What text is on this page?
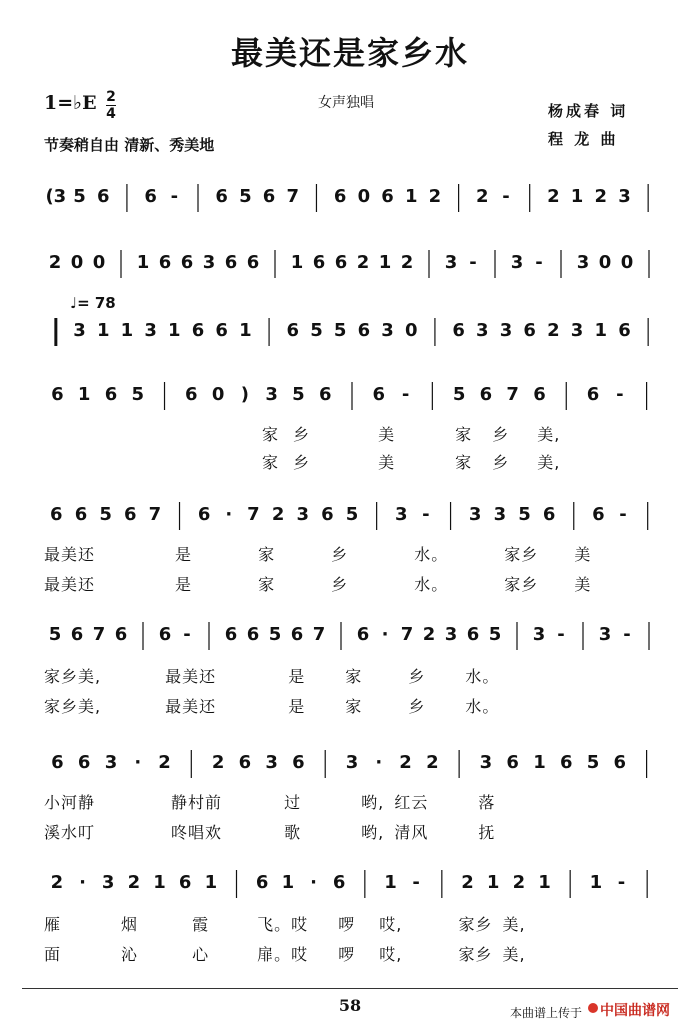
最美还是家乡水
1=♭E 2
4
女声独唱	杨成春 词
程 龙 曲
节奏稍自由 清新、秀美地
♩= 78
(3 5 6 6 - 6 5 6 7 6 0 6 1 2 2 - 2 1 2 3
2 0 0 1 6 6 3 6 6 1 6 6 2 1 2 3 - 3 - 3 0 0
3 1 1 3 1 6 6 1 6 5 5 6 3 0 6 3 3 6 2 3 1 6
6 1 6 5 6 0 ) 3 5 6 6 - 5 6 7 6 6 -
6 6 5 6 7 6 · 7 2 3 6 5 3 - 3 3 5 6 6 -
5 6 7 6 6 - 6 6 5 6 7 6 · 7 2 3 6 5 3 - 3 -
6 6 3 · 2 2 6 3 6 3 · 2 2 3 6 1 6 5 6
2 · 3 2 1 6 1 6 1 · 6 1 - 2 1 2 1 1 -
家 乡	美	家 乡 美,
家 乡	美	家 乡 美,
最美还	是	家	乡	水。	家乡 美
最美还	是	家	乡	水。	家乡 美
家乡美,	最美还	是	家	乡	水。
家乡美,	最美还	是	家	乡	水。
小河静	静村前	过	哟, 红云	落
溪水叮	咚唱欢	歌	哟, 清风	抚
雁	烟	霞	飞。哎 啰 哎,	家乡 美,
面	沁	心	扉。哎 啰 哎,	家乡 美,
58	本曲谱上传于 中国曲谱网
